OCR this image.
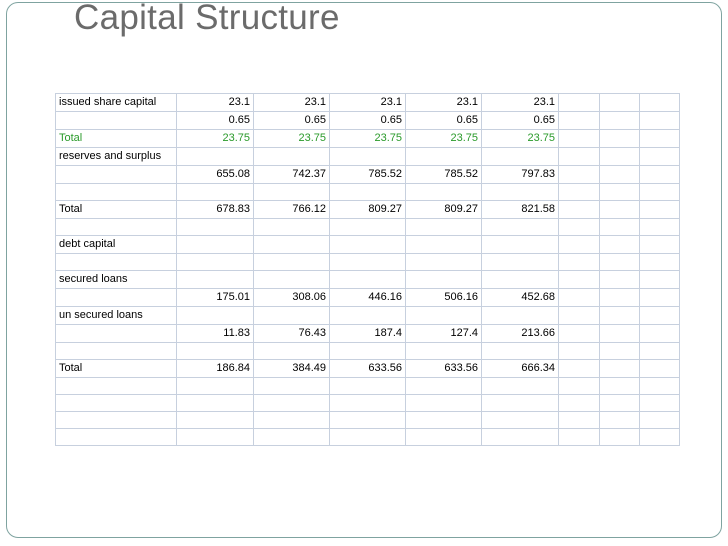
Capital Structure
issued share capital	23.1	23.1	23.1	23.1	23.1			
	0.65	0.65	0.65	0.65	0.65			
Total	23.75	23.75	23.75	23.75	23.75			
reserves and surplus								
	655.08	742.37	785.52	785.52	797.83			

Total	678.83	766.12	809.27	809.27	821.58			

debt capital								

secured loans								
	175.01	308.06	446.16	506.16	452.68			
un secured loans								
	11.83	76.43	187.4	127.4	213.66			

Total	186.84	384.49	633.56	633.56	666.34			
